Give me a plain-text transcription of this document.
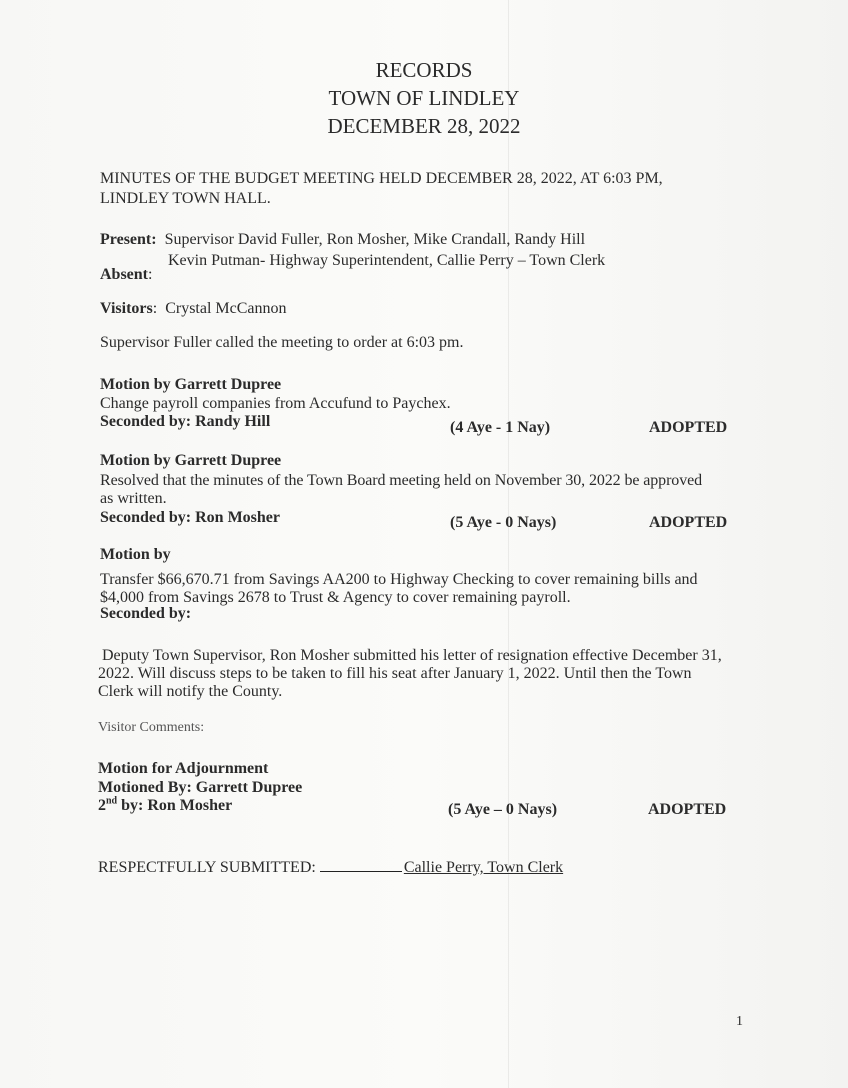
RECORDS
TOWN OF LINDLEY
DECEMBER 28, 2022
MINUTES OF THE BUDGET MEETING HELD DECEMBER 28, 2022, AT 6:03 PM,
LINDLEY TOWN HALL.
Present: Supervisor David Fuller, Ron Mosher, Mike Crandall, Randy Hill
Kevin Putman- Highway Superintendent, Callie Perry – Town Clerk
Absent:
Visitors:  Crystal McCannon
Supervisor Fuller called the meeting to order at 6:03 pm.
Motion by Garrett Dupree
Change payroll companies from Accufund to Paychex.
Seconded by: Randy Hill	(4 Aye - 1 Nay)	ADOPTED
Motion by Garrett Dupree
Resolved that the minutes of the Town Board meeting held on November 30, 2022 be approved
as written.
Seconded by: Ron Mosher	(5 Aye - 0 Nays)	ADOPTED
Motion by
Transfer $66,670.71 from Savings AA200 to Highway Checking to cover remaining bills and
$4,000 from Savings 2678 to Trust & Agency to cover remaining payroll.
Seconded by:
Deputy Town Supervisor, Ron Mosher submitted his letter of resignation effective December 31,
2022. Will discuss steps to be taken to fill his seat after January 1, 2022. Until then the Town
Clerk will notify the County.
Visitor Comments:
Motion for Adjournment
Motioned By: Garrett Dupree
2nd by: Ron Mosher	(5 Aye – 0 Nays)	ADOPTED
RESPECTFULLY SUBMITTED:	Callie Perry, Town Clerk
1
